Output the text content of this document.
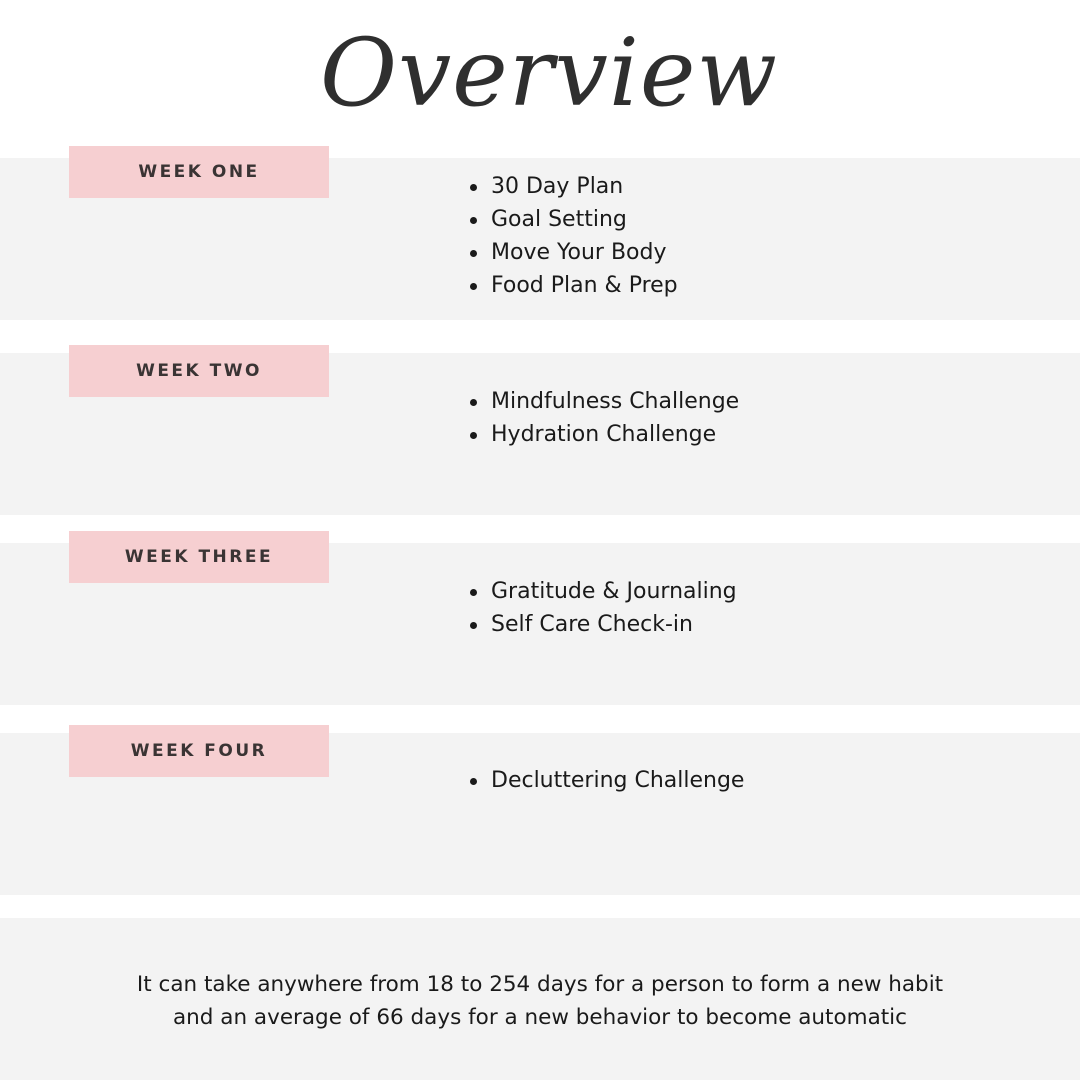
Overview
WEEK ONE
30 Day Plan
Goal Setting
Move Your Body
Food Plan & Prep
WEEK TWO
Mindfulness Challenge
Hydration Challenge
WEEK THREE
Gratitude & Journaling
Self Care Check-in
WEEK FOUR
Decluttering Challenge
It can take anywhere from 18 to 254 days for a person to form a new habit
and an average of 66 days for a new behavior to become automatic
